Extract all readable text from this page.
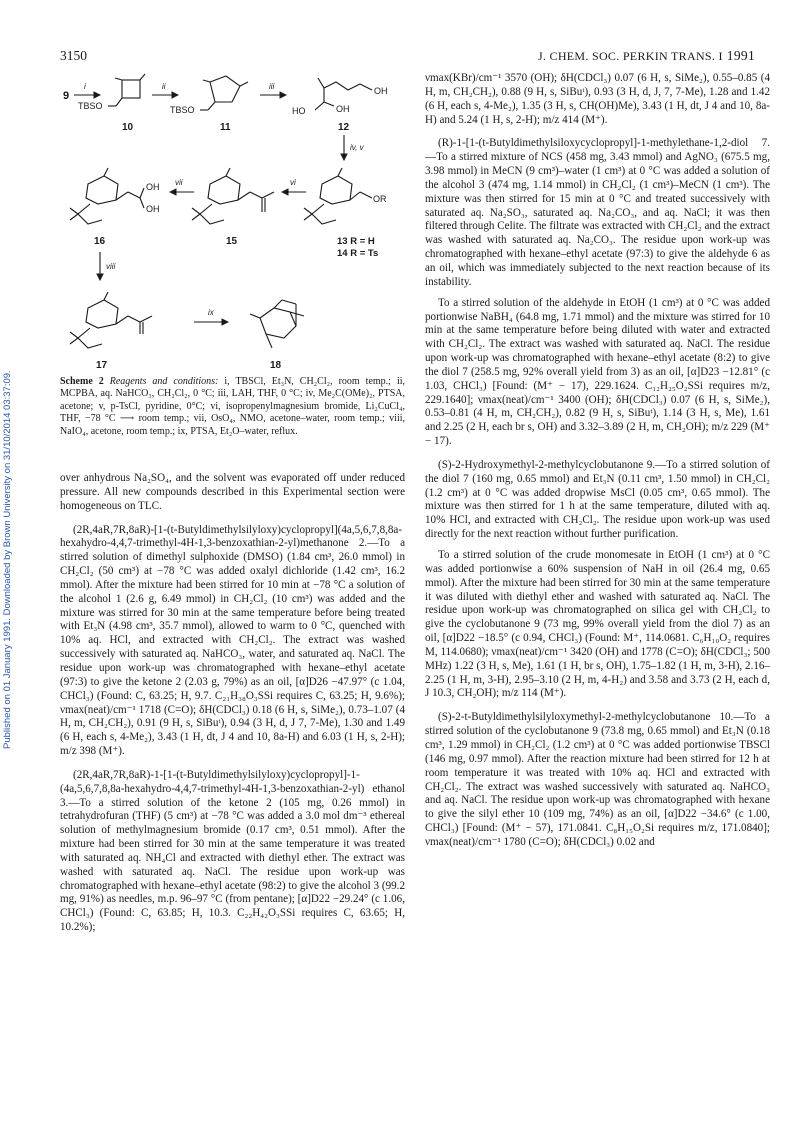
Published on 01 January 1991. Downloaded by Brown University on 31/10/2014 03:37:09.
3150	J. CHEM. SOC. PERKIN TRANS. I 1991
9
i
TBSO
10
ii
TBSO
11
iii
HO	OH
OH
12
iv, v
OR
13 R = H
14 R = Ts
vi
15
vii
OH
OH
16
viii
17
ix
18
Scheme 2 Reagents and conditions: i, TBSCl, Et₃N, CH₂Cl₂, room temp.; ii, MCPBA, aq. NaHCO₃, CH₂Cl₂, 0 °C; iii, LAH, THF, 0 °C; iv, Me₂C(OMe)₂, PTSA, acetone; v, p-TsCl, pyridine, 0°C; vi, isopropenylmagnesium bromide, Li₂CuCl₄, THF, −78 °C ⟶ room temp.; vii, OsO₄, NMO, acetone–water, room temp.; viii, NaIO₄, acetone, room temp.; ix, PTSA, Et₂O–water, reflux.

over anhydrous Na₂SO₄, and the solvent was evaporated off under reduced pressure. All new compounds described in this Experimental section were homogeneous on TLC.

(2R,4aR,7R,8aR)-[1-(t-Butyldimethylsilyloxy)cyclopropyl](4a,5,6,7,8,8a-hexahydro-4,4,7-trimethyl-4H-1,3-benzoxathian-2-yl)methanone 2.—To a stirred solution of dimethyl sulphoxide (DMSO) (1.84 cm³, 26.0 mmol) in CH₂Cl₂ (50 cm³) at −78 °C was added oxalyl dichloride (1.42 cm³, 16.2 mmol). After the mixture had been stirred for 10 min at −78 °C a solution of the alcohol 1 (2.6 g, 6.49 mmol) in CH₂Cl₂ (10 cm³) was added and the mixture was stirred for 30 min at the same temperature before being treated with Et₃N (4.98 cm³, 35.7 mmol), allowed to warm to 0 °C, quenched with 10% aq. HCl, and extracted with CH₂Cl₂. The extract was washed successively with saturated aq. NaHCO₃, water, and saturated aq. NaCl. The residue upon work-up was chromatographed with hexane–ethyl acetate (97:3) to give the ketone 2 (2.03 g, 79%) as an oil, [α]D26 −47.97° (c 1.04, CHCl₃) (Found: C, 63.25; H, 9.7. C₂₁H₃₈O₃SSi requires C, 63.25; H, 9.6%); νmax(neat)/cm⁻¹ 1718 (C=O); δH(CDCl₃) 0.18 (6 H, s, SiMe₂), 0.73–1.07 (4 H, m, CH₂CH₂), 0.91 (9 H, s, SiBuᵗ), 0.94 (3 H, d, J 7, 7-Me), 1.30 and 1.49 (6 H, each s, 4-Me₂), 3.43 (1 H, dt, J 4 and 10, 8a-H) and 6.03 (1 H, s, 2-H); m/z 398 (M⁺).

(2R,4aR,7R,8aR)-1-[1-(t-Butyldimethylsilyloxy)cyclopropyl]-1-(4a,5,6,7,8,8a-hexahydro-4,4,7-trimethyl-4H-1,3-benzoxathian-2-yl) ethanol 3.—To a stirred solution of the ketone 2 (105 mg, 0.26 mmol) in tetrahydrofuran (THF) (5 cm³) at −78 °C was added a 3.0 mol dm⁻³ ethereal solution of methylmagnesium bromide (0.17 cm³, 0.51 mmol). After the mixture had been stirred for 30 min at the same temperature it was treated with saturated aq. NH₄Cl and extracted with diethyl ether. The extract was washed with saturated aq. NaCl. The residue upon work-up was chromatographed with hexane–ethyl acetate (98:2) to give the alcohol 3 (99.2 mg, 91%) as needles, m.p. 96–97 °C (from pentane); [α]D22 −29.24° (c 1.06, CHCl₃) (Found: C, 63.85; H, 10.3. C₂₂H₄₂O₃SSi requires C, 63.65; H, 10.2%);

νmax(KBr)/cm⁻¹ 3570 (OH); δH(CDCl₃) 0.07 (6 H, s, SiMe₂), 0.55–0.85 (4 H, m, CH₂CH₂), 0.88 (9 H, s, SiBuᵗ), 0.93 (3 H, d, J, 7, 7-Me), 1.28 and 1.42 (6 H, each s, 4-Me₂), 1.35 (3 H, s, CH(OH)Me), 3.43 (1 H, dt, J 4 and 10, 8a-H) and 5.24 (1 H, s, 2-H); m/z 414 (M⁺).

(R)-1-[1-(t-Butyldimethylsiloxycyclopropyl]-1-methylethane-1,2-diol 7.—To a stirred mixture of NCS (458 mg, 3.43 mmol) and AgNO₃ (675.5 mg, 3.98 mmol) in MeCN (9 cm³)–water (1 cm³) at 0 °C was added a solution of the alcohol 3 (474 mg, 1.14 mmol) in CH₂Cl₂ (1 cm³)–MeCN (1 cm³). The mixture was then stirred for 15 min at 0 °C and treated successively with saturated aq. Na₂SO₃, saturated aq. Na₂CO₃, and aq. NaCl; it was then filtered through Celite. The filtrate was extracted with CH₂Cl₂ and the extract was washed with saturated aq. Na₂CO₃. The residue upon work-up was chromatographed with hexane–ethyl acetate (97:3) to give the aldehyde 6 as an oil, which was immediately subjected to the next reaction because of its instability.

To a stirred solution of the aldehyde in EtOH (1 cm³) at 0 °C was added portionwise NaBH₄ (64.8 mg, 1.71 mmol) and the mixture was stirred for 10 min at the same temperature before being diluted with water and extracted with CH₂Cl₂. The extract was washed with saturated aq. NaCl. The residue upon work-up was chromatographed with hexane–ethyl acetate (8:2) to give the diol 7 (258.5 mg, 92% overall yield from 3) as an oil, [α]D23 −12.81° (c 1.03, CHCl₃) [Found: (M⁺ − 17), 229.1624. C₁₂H₂₅O₂SSi requires m/z, 229.1640]; νmax(neat)/cm⁻¹ 3400 (OH); δH(CDCl₃) 0.07 (6 H, s, SiMe₂), 0.53–0.81 (4 H, m, CH₂CH₂), 0.82 (9 H, s, SiBuᵗ), 1.14 (3 H, s, Me), 1.61 and 2.25 (2 H, each br s, OH) and 3.32–3.89 (2 H, m, CH₂OH); m/z 229 (M⁺ − 17).

(S)-2-Hydroxymethyl-2-methylcyclobutanone 9.—To a stirred solution of the diol 7 (160 mg, 0.65 mmol) and Et₃N (0.11 cm³, 1.50 mmol) in CH₂Cl₂ (1.2 cm³) at 0 °C was added dropwise MsCl (0.05 cm³, 0.65 mmol). The mixture was then stirred for 1 h at the same temperature, diluted with aq. 10% HCl, and extracted with CH₂Cl₂. The residue upon work-up was used directly for the next reaction without further purification.

To a stirred solution of the crude monomesate in EtOH (1 cm³) at 0 °C was added portionwise a 60% suspension of NaH in oil (26.4 mg, 0.65 mmol). After the mixture had been stirred for 30 min at the same temperature it was diluted with diethyl ether and washed with saturated aq. NaCl. The residue upon work-up was chromatographed on silica gel with CH₂Cl₂ to give the cyclobutanone 9 (73 mg, 99% overall yield from the diol 7) as an oil, [α]D22 −18.5° (c 0.94, CHCl₃) (Found: M⁺, 114.0681. C₆H₁₀O₂ requires M, 114.0680); νmax(neat)/cm⁻¹ 3420 (OH) and 1778 (C=O); δH(CDCl₃; 500 MHz) 1.22 (3 H, s, Me), 1.61 (1 H, br s, OH), 1.75–1.82 (1 H, m, 3-H), 2.16–2.25 (1 H, m, 3-H), 2.95–3.10 (2 H, m, 4-H₂) and 3.58 and 3.73 (2 H, each d, J 10.3, CH₂OH); m/z 114 (M⁺).

(S)-2-t-Butyldimethylsilyloxymethyl-2-methylcyclobutanone 10.—To a stirred solution of the cyclobutanone 9 (73.8 mg, 0.65 mmol) and Et₃N (0.18 cm³, 1.29 mmol) in CH₂Cl₂ (1.2 cm³) at 0 °C was added portionwise TBSCl (146 mg, 0.97 mmol). After the reaction mixture had been stirred for 12 h at room temperature it was treated with 10% aq. HCl and extracted with CH₂Cl₂. The extract was washed successively with saturated aq. NaHCO₃ and aq. NaCl. The residue upon work-up was chromatographed with hexane to give the silyl ether 10 (109 mg, 74%) as an oil, [α]D22 −34.6° (c 1.00, CHCl₃) [Found: (M⁺ − 57), 171.0841. C₈H₁₅O₂Si requires m/z, 171.0840]; νmax(neat)/cm⁻¹ 1780 (C=O); δH(CDCl₃) 0.02 and
